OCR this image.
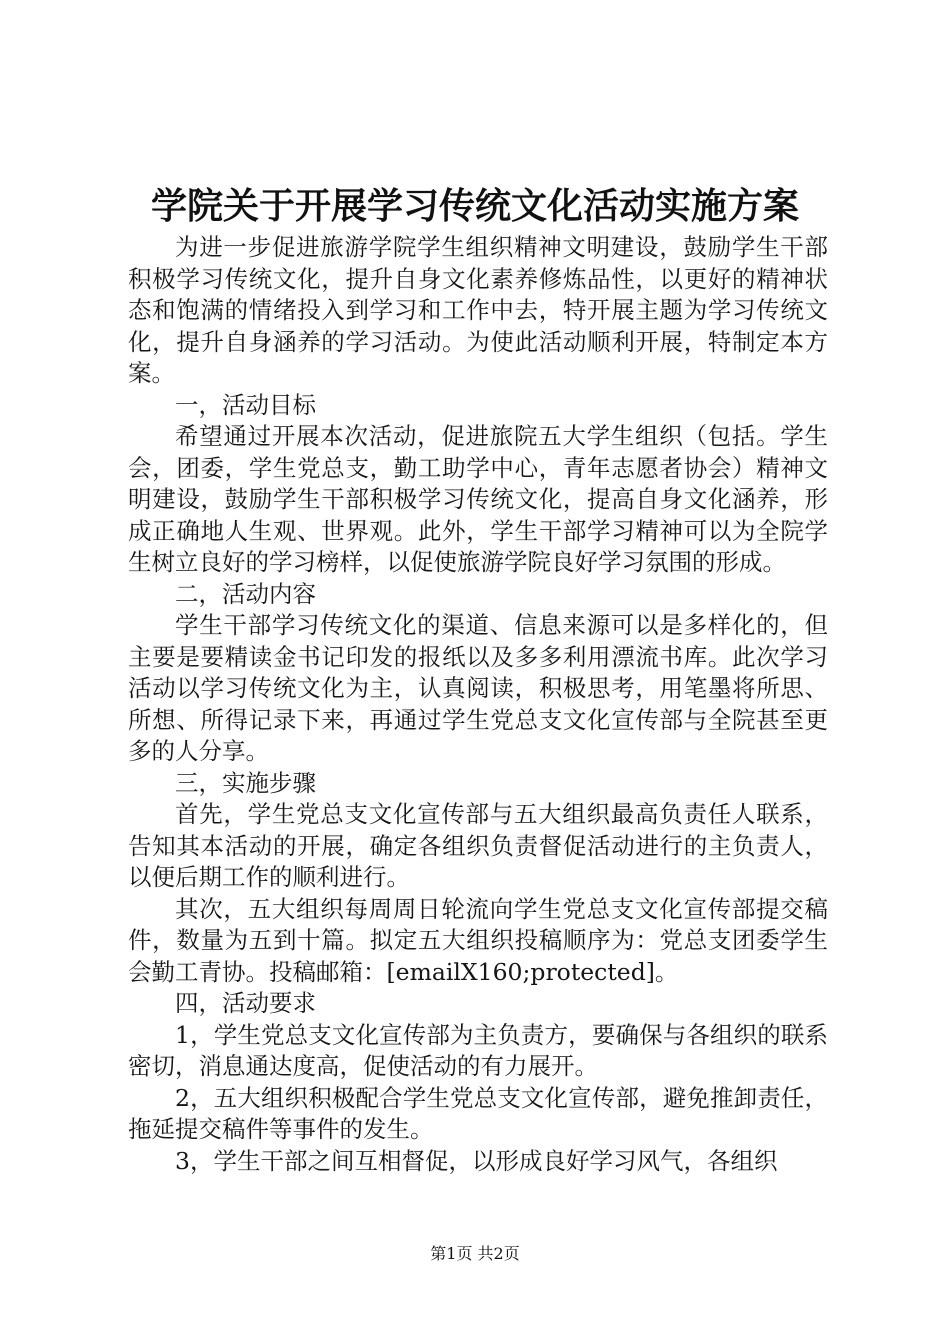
学院关于开展学习传统文化活动实施方案

为进一步促进旅游学院学生组织精神文明建设，鼓励学生干部积极学习传统文化，提升自身文化素养修炼品性，以更好的精神状态和饱满的情绪投入到学习和工作中去，特开展主题为学习传统文化，提升自身涵养的学习活动。为使此活动顺利开展，特制定本方案。

一，活动目标

希望通过开展本次活动，促进旅院五大学生组织（包括。学生会，团委，学生党总支，勤工助学中心，青年志愿者协会）精神文明建设，鼓励学生干部积极学习传统文化，提高自身文化涵养，形成正确地人生观、世界观。此外，学生干部学习精神可以为全院学生树立良好的学习榜样，以促使旅游学院良好学习氛围的形成。

二，活动内容

学生干部学习传统文化的渠道、信息来源可以是多样化的，但主要是要精读金书记印发的报纸以及多多利用漂流书库。此次学习活动以学习传统文化为主，认真阅读，积极思考，用笔墨将所思、所想、所得记录下来，再通过学生党总支文化宣传部与全院甚至更多的人分享。

三，实施步骤

首先，学生党总支文化宣传部与五大组织最高负责任人联系，告知其本活动的开展，确定各组织负责督促活动进行的主负责人，以便后期工作的顺利进行。

其次，五大组织每周周日轮流向学生党总支文化宣传部提交稿件，数量为五到十篇。拟定五大组织投稿顺序为：党总支团委学生会勤工青协。投稿邮箱：[emailX160;protected]。

四，活动要求

1，学生党总支文化宣传部为主负责方，要确保与各组织的联系密切，消息通达度高，促使活动的有力展开。

2，五大组织积极配合学生党总支文化宣传部，避免推卸责任，拖延提交稿件等事件的发生。

3，学生干部之间互相督促，以形成良好学习风气，各组织

第1页 共2页
